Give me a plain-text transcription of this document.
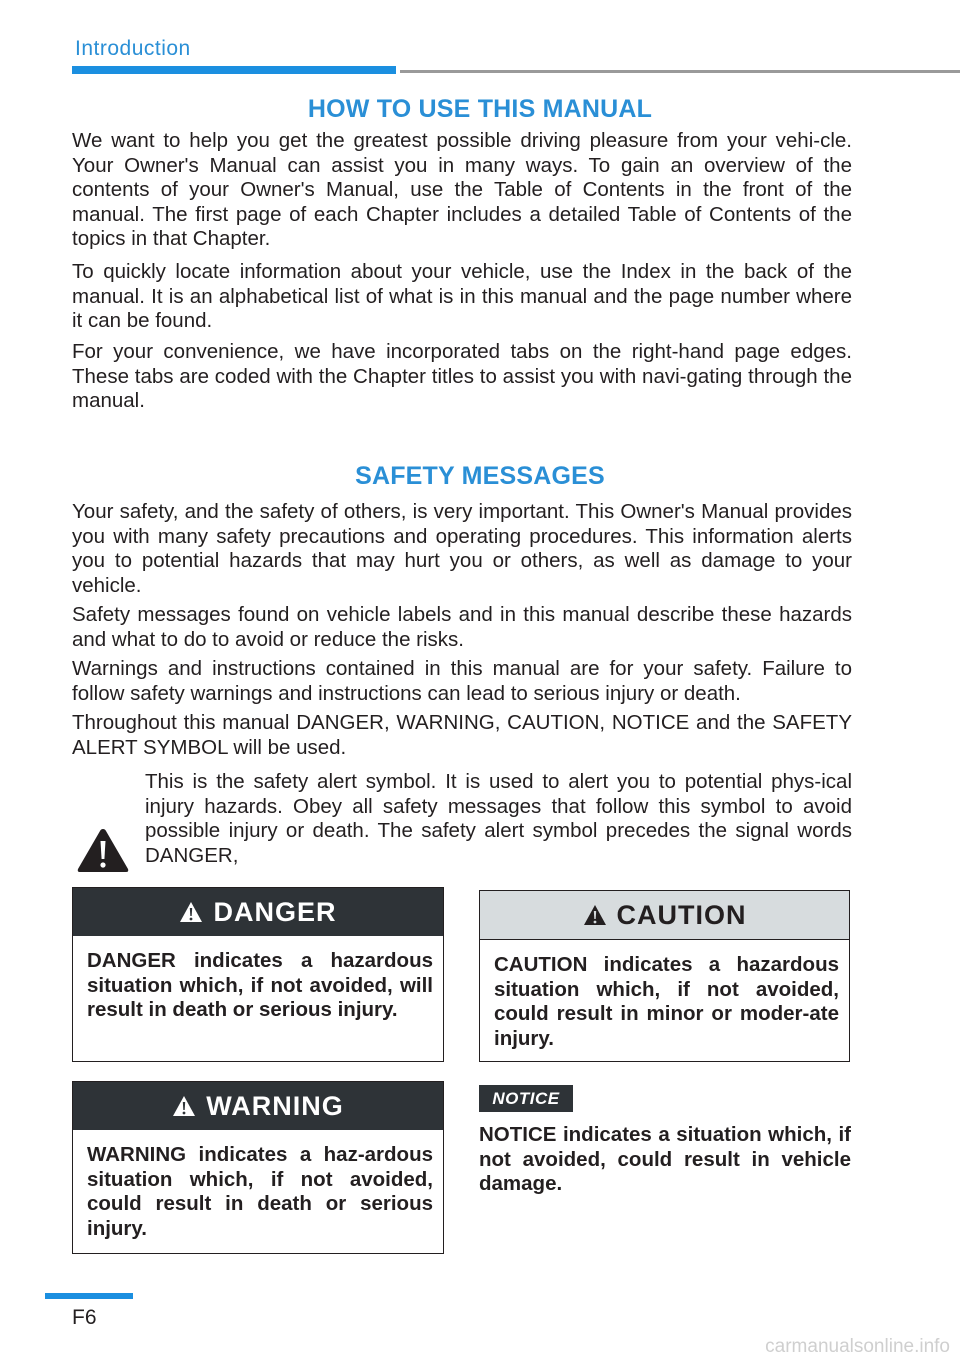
Introduction
HOW TO USE THIS MANUAL
We want to help you get the greatest possible driving pleasure from your vehi-cle. Your Owner's Manual can assist you in many ways. To gain an overview of the contents of your Owner's Manual, use the Table of Contents in the front of the manual. The first page of each Chapter includes a detailed Table of Contents of the topics in that Chapter.
To quickly locate information about your vehicle, use the Index in the back of the manual. It is an alphabetical list of what is in this manual and the page number where it can be found.
For your convenience, we have incorporated tabs on the right-hand page edges. These tabs are coded with the Chapter titles to assist you with navi-gating through the manual.
SAFETY MESSAGES
Your safety, and the safety of others, is very important. This Owner's Manual provides you with many safety precautions and operating procedures. This information alerts you to potential hazards that may hurt you or others, as well as damage to your vehicle.
Safety messages found on vehicle labels and in this manual describe these hazards and what to do to avoid or reduce the risks.
Warnings and instructions contained in this manual are for your safety. Failure to follow safety warnings and instructions can lead to serious injury or death.
Throughout this manual DANGER, WARNING, CAUTION, NOTICE and the SAFETY ALERT SYMBOL will be used.
This is the safety alert symbol. It is used to alert you to potential phys-ical injury hazards. Obey all safety messages that follow this symbol to avoid possible injury or death. The safety alert symbol precedes the signal words DANGER,
DANGER
DANGER indicates a hazardous situation which, if not avoided, will result in death or serious injury.
CAUTION
CAUTION indicates a hazardous situation which, if not avoided, could result in minor or moder-ate injury.
WARNING
WARNING indicates a haz-ardous situation which, if not avoided, could result in death or serious injury.
NOTICE
NOTICE indicates a situation which, if not avoided, could result in vehicle damage.
F6
carmanualsonline.info
